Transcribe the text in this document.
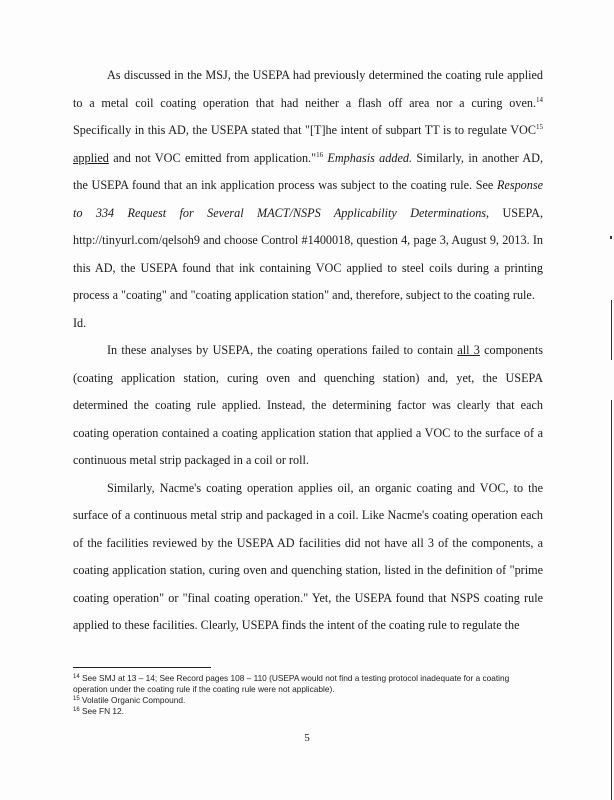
As discussed in the MSJ, the USEPA had previously determined the coating rule applied to a metal coil coating operation that had neither a flash off area nor a curing oven.$^{14}$ Specifically in this AD, the USEPA stated that "[T]he intent of subpart TT is to regulate VOC$^{15}$ applied and not VOC emitted from application."$^{16}$ Emphasis added. Similarly, in another AD, the USEPA found that an ink application process was subject to the coating rule. See Response to 334 Request for Several MACT/NSPS Applicability Determinations, USEPA, http://tinyurl.com/qelsoh9 and choose Control #1400018, question 4, page 3, August 9, 2013. In this AD, the USEPA found that ink containing VOC applied to steel coils during a printing process a "coating" and "coating application station" and, therefore, subject to the coating rule.

Id.

In these analyses by USEPA, the coating operations failed to contain all 3 components (coating application station, curing oven and quenching station) and, yet, the USEPA determined the coating rule applied. Instead, the determining factor was clearly that each coating operation contained a coating application station that applied a VOC to the surface of a continuous metal strip packaged in a coil or roll.

Similarly, Nacme's coating operation applies oil, an organic coating and VOC, to the surface of a continuous metal strip and packaged in a coil. Like Nacme's coating operation each of the facilities reviewed by the USEPA AD facilities did not have all 3 of the components, a coating application station, curing oven and quenching station, listed in the definition of "prime coating operation" or "final coating operation." Yet, the USEPA found that NSPS coating rule applied to these facilities. Clearly, USEPA finds the intent of the coating rule to regulate the

$^{14}$ See SMJ at 13 – 14; See Record pages 108 – 110 (USEPA would not find a testing protocol inadequate for a coating operation under the coating rule if the coating rule were not applicable).

$^{15}$ Volatile Organic Compound.

$^{16}$ See FN 12.

5
